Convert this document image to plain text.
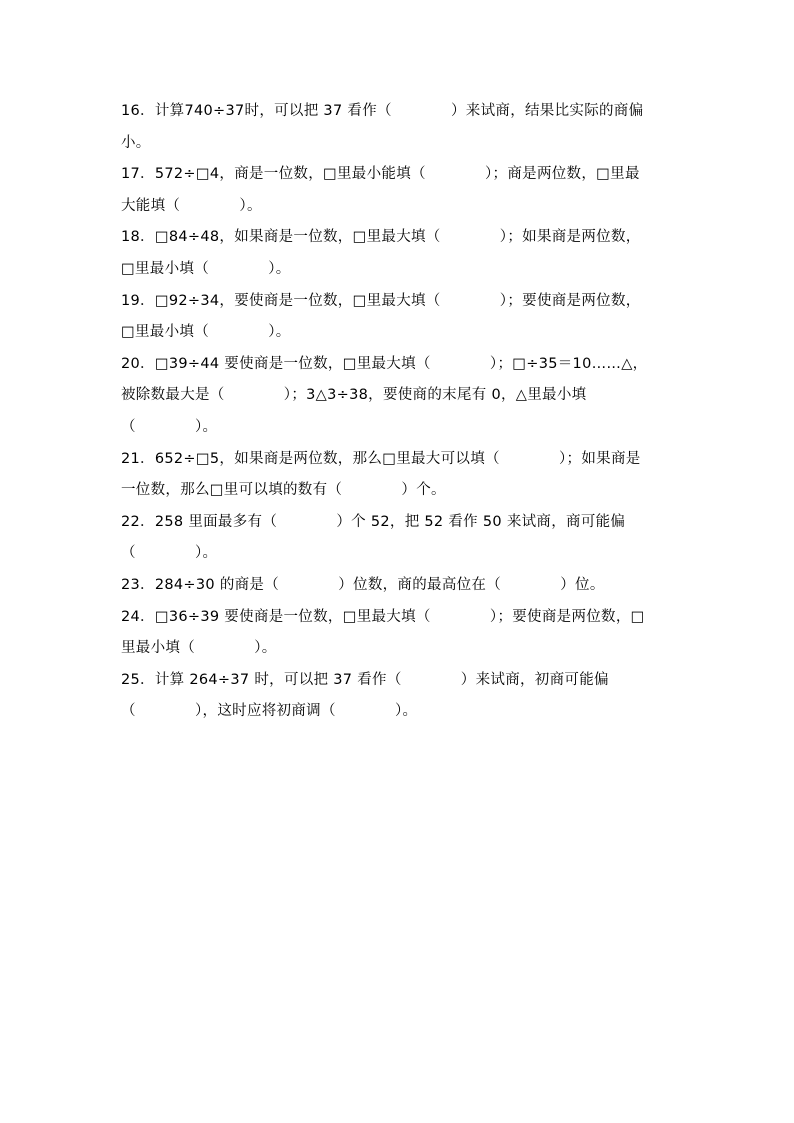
16．计算740÷37时，可以把 37 看作（　　　　）来试商，结果比实际的商偏
小。
17．572÷□4，商是一位数，□里最小能填（　　　　）；商是两位数，□里最
大能填（　　　　）。
18．□84÷48，如果商是一位数，□里最大填（　　　　）；如果商是两位数，
□里最小填（　　　　）。
19．□92÷34，要使商是一位数，□里最大填（　　　　）；要使商是两位数，
□里最小填（　　　　）。
20．□39÷44 要使商是一位数，□里最大填（　　　　）；□÷35＝10……△，
被除数最大是（　　　　）；3△3÷38，要使商的末尾有 0，△里最小填
（　　　　）。
21．652÷□5，如果商是两位数，那么□里最大可以填（　　　　）；如果商是
一位数，那么□里可以填的数有（　　　　）个。
22．258 里面最多有（　　　　）个 52，把 52 看作 50 来试商，商可能偏
（　　　　）。
23．284÷30 的商是（　　　　）位数，商的最高位在（　　　　）位。
24．□36÷39 要使商是一位数，□里最大填（　　　　）；要使商是两位数，□
里最小填（　　　　）。
25．计算 264÷37 时，可以把 37 看作（　　　　）来试商，初商可能偏
（　　　　），这时应将初商调（　　　　）。
